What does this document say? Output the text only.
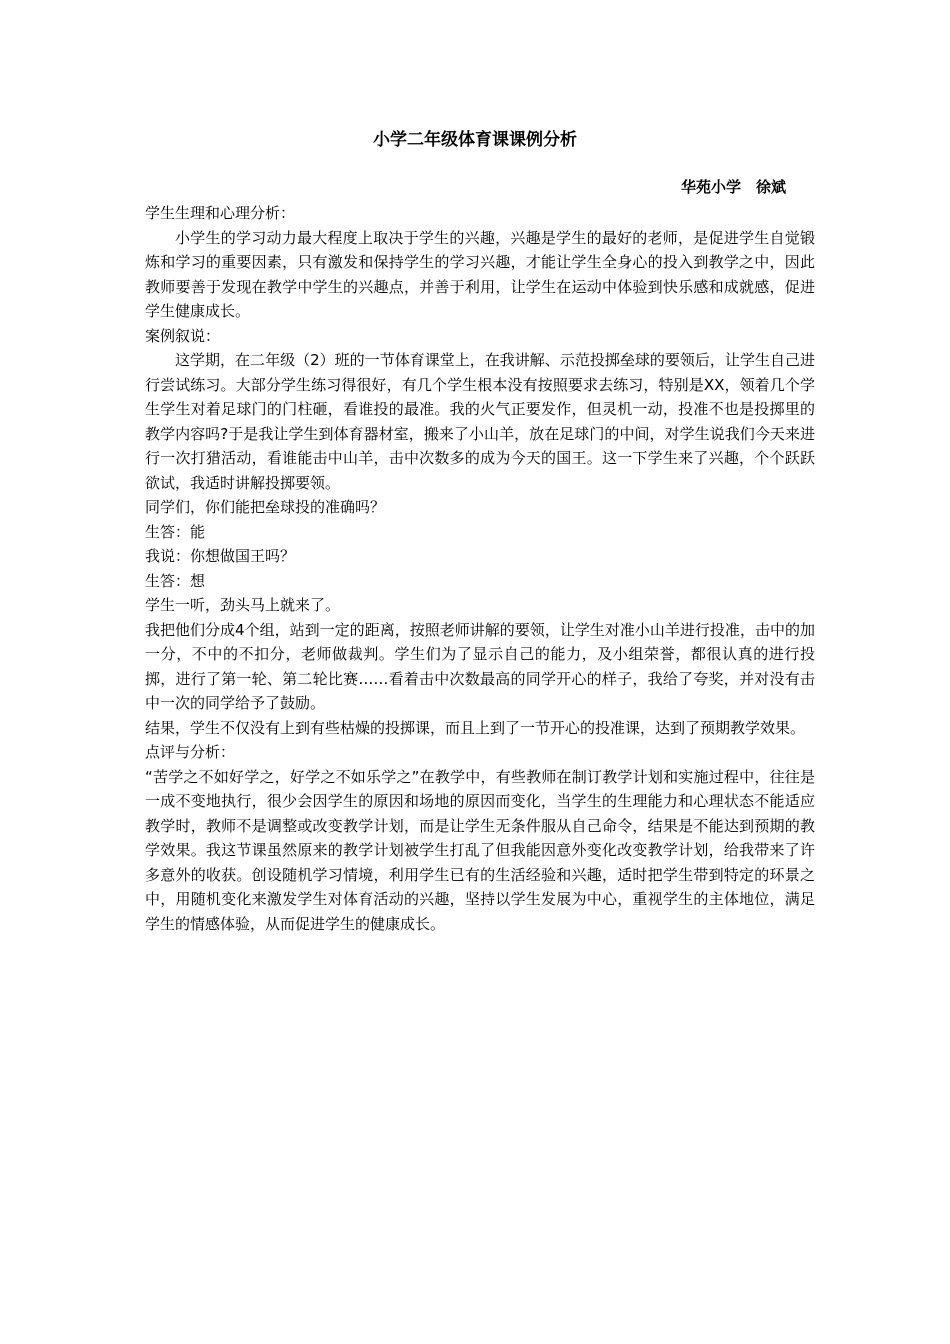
小学二年级体育课课例分析
华苑小学　徐斌

学生生理和心理分析：

小学生的学习动力最大程度上取决于学生的兴趣，兴趣是学生的最好的老师，是促进学生自觉锻炼和学习的重要因素，只有激发和保持学生的学习兴趣，才能让学生全身心的投入到教学之中，因此教师要善于发现在教学中学生的兴趣点，并善于利用，让学生在运动中体验到快乐感和成就感，促进学生健康成长。

案例叙说：

这学期，在二年级（2）班的一节体育课堂上，在我讲解、示范投掷垒球的要领后，让学生自己进行尝试练习。大部分学生练习得很好，有几个学生根本没有按照要求去练习，特别是XX，领着几个学生学生对着足球门的门柱砸，看谁投的最准。我的火气正要发作，但灵机一动，投准不也是投掷里的教学内容吗?于是我让学生到体育器材室，搬来了小山羊，放在足球门的中间，对学生说我们今天来进行一次打猎活动，看谁能击中山羊，击中次数多的成为今天的国王。这一下学生来了兴趣，个个跃跃欲试，我适时讲解投掷要领。

同学们，你们能把垒球投的准确吗？

生答：能

我说：你想做国王吗？

生答：想

学生一听，劲头马上就来了。

我把他们分成4个组，站到一定的距离，按照老师讲解的要领，让学生对准小山羊进行投准，击中的加一分，不中的不扣分，老师做裁判。学生们为了显示自己的能力，及小组荣誉，都很认真的进行投掷，进行了第一轮、第二轮比赛……看着击中次数最高的同学开心的样子，我给了夸奖，并对没有击中一次的同学给予了鼓励。

结果，学生不仅没有上到有些枯燥的投掷课，而且上到了一节开心的投准课，达到了预期教学效果。

点评与分析：

“苦学之不如好学之，好学之不如乐学之”在教学中，有些教师在制订教学计划和实施过程中，往往是一成不变地执行，很少会因学生的原因和场地的原因而变化，当学生的生理能力和心理状态不能适应教学时，教师不是调整或改变教学计划，而是让学生无条件服从自己命令，结果是不能达到预期的教学效果。我这节课虽然原来的教学计划被学生打乱了但我能因意外变化改变教学计划，给我带来了许多意外的收获。创设随机学习情境，利用学生已有的生活经验和兴趣，适时把学生带到特定的环景之中，用随机变化来激发学生对体育活动的兴趣，坚持以学生发展为中心，重视学生的主体地位，满足学生的情感体验，从而促进学生的健康成长。
